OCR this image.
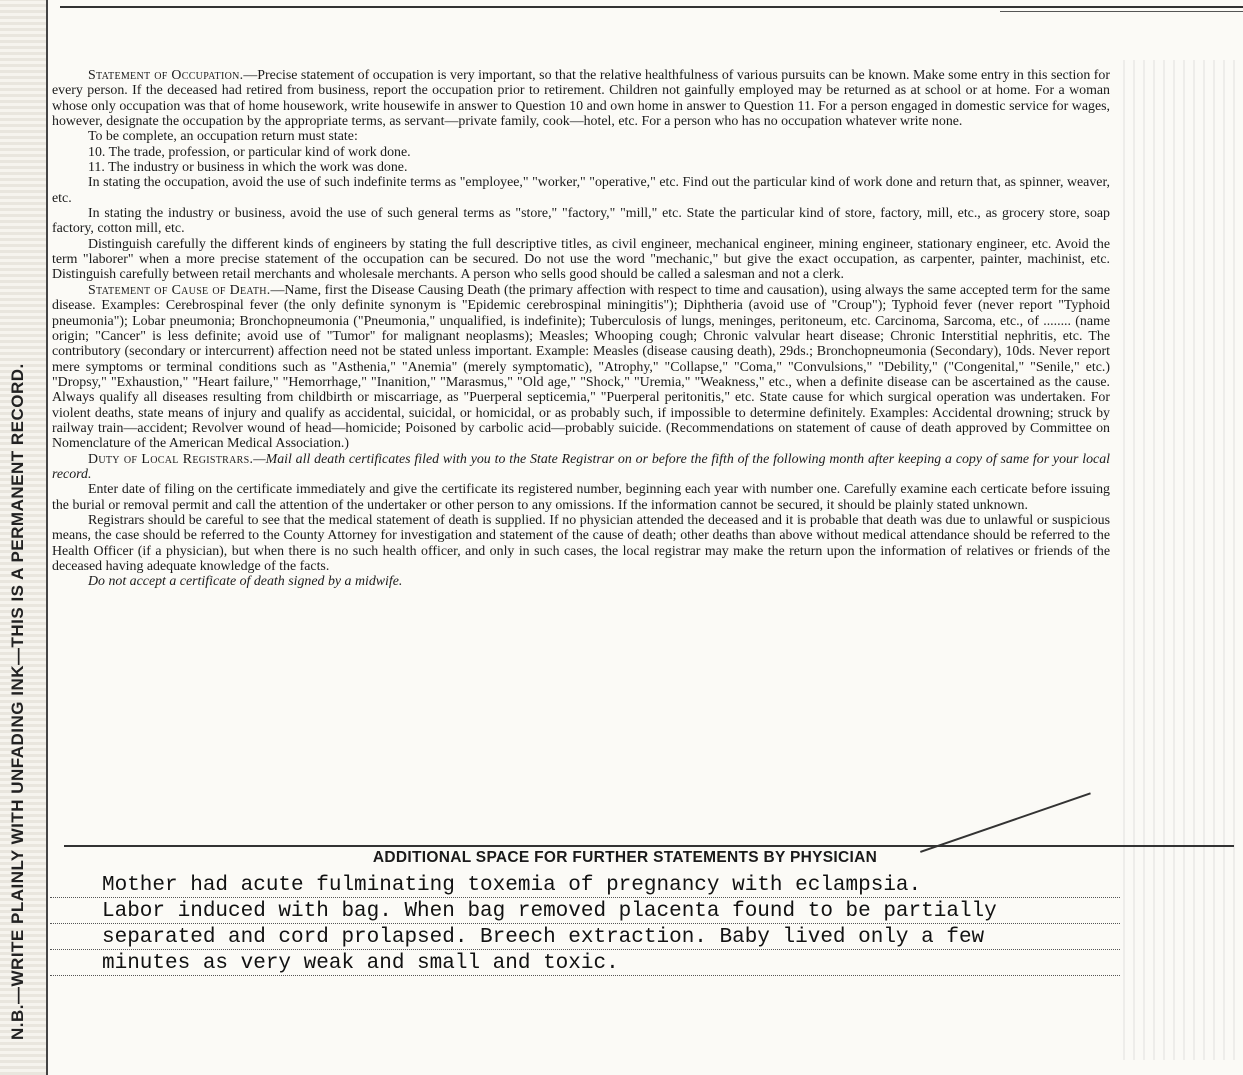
N.B.—WRITE PLAINLY WITH UNFADING INK—THIS IS A PERMANENT RECORD.

Statement of Occupation.—Precise statement of occupation is very important, so that the relative healthfulness of various pursuits can be known. Make some entry in this section for every person. If the deceased had retired from business, report the occupation prior to retirement. Children not gainfully employed may be returned as at school or at home. For a woman whose only occupation was that of home housework, write housewife in answer to Question 10 and own home in answer to Question 11. For a person engaged in domestic service for wages, however, designate the occupation by the appropriate terms, as servant—private family, cook—hotel, etc. For a person who has no occupation whatever write none.

To be complete, an occupation return must state:

10. The trade, profession, or particular kind of work done.

11. The industry or business in which the work was done.

In stating the occupation, avoid the use of such indefinite terms as "employee," "worker," "operative," etc. Find out the particular kind of work done and return that, as spinner, weaver, etc.

In stating the industry or business, avoid the use of such general terms as "store," "factory," "mill," etc. State the particular kind of store, factory, mill, etc., as grocery store, soap factory, cotton mill, etc.

Distinguish carefully the different kinds of engineers by stating the full descriptive titles, as civil engineer, mechanical engineer, mining engineer, stationary engineer, etc. Avoid the term "laborer" when a more precise statement of the occupation can be secured. Do not use the word "mechanic," but give the exact occupation, as carpenter, painter, machinist, etc. Distinguish carefully between retail merchants and wholesale merchants. A person who sells good should be called a salesman and not a clerk.

Statement of Cause of Death.—Name, first the Disease Causing Death (the primary affection with respect to time and causation), using always the same accepted term for the same disease. Examples: Cerebrospinal fever (the only definite synonym is "Epidemic cerebrospinal miningitis"); Diphtheria (avoid use of "Croup"); Typhoid fever (never report "Typhoid pneumonia"); Lobar pneumonia; Bronchopneumonia ("Pneumonia," unqualified, is indefinite); Tuberculosis of lungs, meninges, peritoneum, etc. Carcinoma, Sarcoma, etc., of ........ (name origin; "Cancer" is less definite; avoid use of "Tumor" for malignant neoplasms); Measles; Whooping cough; Chronic valvular heart disease; Chronic Interstitial nephritis, etc. The contributory (secondary or intercurrent) affection need not be stated unless important. Example: Measles (disease causing death), 29ds.; Bronchopneumonia (Secondary), 10ds. Never report mere symptoms or terminal conditions such as "Asthenia," "Anemia" (merely symptomatic), "Atrophy," "Collapse," "Coma," "Convulsions," "Debility," ("Congenital," "Senile," etc.) "Dropsy," "Exhaustion," "Heart failure," "Hemorrhage," "Inanition," "Marasmus," "Old age," "Shock," "Uremia," "Weakness," etc., when a definite disease can be ascertained as the cause. Always qualify all diseases resulting from childbirth or miscarriage, as "Puerperal septicemia," "Puerperal peritonitis," etc. State cause for which surgical operation was undertaken. For violent deaths, state means of injury and qualify as accidental, suicidal, or homicidal, or as probably such, if impossible to determine definitely. Examples: Accidental drowning; struck by railway train—accident; Revolver wound of head—homicide; Poisoned by carbolic acid—probably suicide. (Recommendations on statement of cause of death approved by Committee on Nomenclature of the American Medical Association.)

Duty of Local Registrars.—Mail all death certificates filed with you to the State Registrar on or before the fifth of the following month after keeping a copy of same for your local record.

Enter date of filing on the certificate immediately and give the certificate its registered number, beginning each year with number one. Carefully examine each certicate before issuing the burial or removal permit and call the attention of the undertaker or other person to any omissions. If the information cannot be secured, it should be plainly stated unknown.

Registrars should be careful to see that the medical statement of death is supplied. If no physician attended the deceased and it is probable that death was due to unlawful or suspicious means, the case should be referred to the County Attorney for investigation and statement of the cause of death; other deaths than above without medical attendance should be referred to the Health Officer (if a physician), but when there is no such health officer, and only in such cases, the local registrar may make the return upon the information of relatives or friends of the deceased having adequate knowledge of the facts.

Do not accept a certificate of death signed by a midwife.

ADDITIONAL SPACE FOR FURTHER STATEMENTS BY PHYSICIAN
Mother had acute fulminating toxemia of pregnancy with eclampsia.
Labor induced with bag. When bag removed placenta found to be partially
separated and cord prolapsed. Breech extraction. Baby lived only a few
minutes as very weak and small and toxic.
